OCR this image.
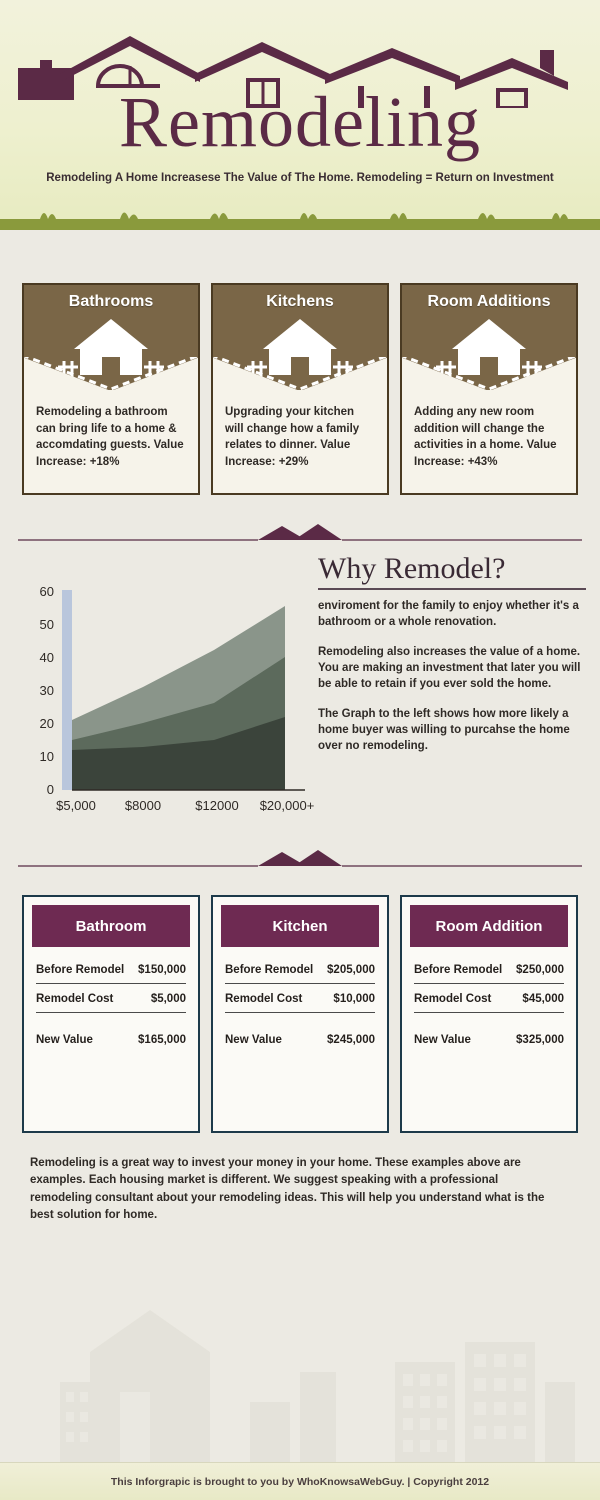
Remodeling
Remodeling A Home Increasese The Value of The Home. Remodeling = Return on Investment
Bathrooms
Remodeling a bathroom can bring life to a home & accomdating guests. Value Increase: +18%
Kitchens
Upgrading your kitchen will change how a family relates to dinner. Value Increase: +29%
Room Additions
Adding any new room addition will change the activities in a home. Value Increase: +43%
60
50
40
30
20
10
0
$5,000 $8000	$12000 $20,000+
Why Remodel?

enviroment for the family to enjoy whether it's a bathroom or a whole renovation.

Remodeling also increases the value of a home. You are making an investment that later you will be able to retain if you ever sold the home.

The Graph to the left shows how more likely a home buyer was willing to purcahse the home over no remodeling.

Bathroom
Before Remodel $150,000
Remodel Cost	$5,000
New Value	$165,000
Kitchen
Before Remodel $205,000
Remodel Cost	$10,000
New Value	$245,000
Room Addition
Before Remodel $250,000
Remodel Cost	$45,000
New Value	$325,000
Remodeling is a great way to invest your money in your home. These examples above are examples. Each housing market is different. We suggest speaking with a professional remodeling consultant about your remodeling ideas. This will help you understand what is the best solution for home.
This Inforgrapic is brought to you by WhoKnowsaWebGuy. | Copyright 2012
